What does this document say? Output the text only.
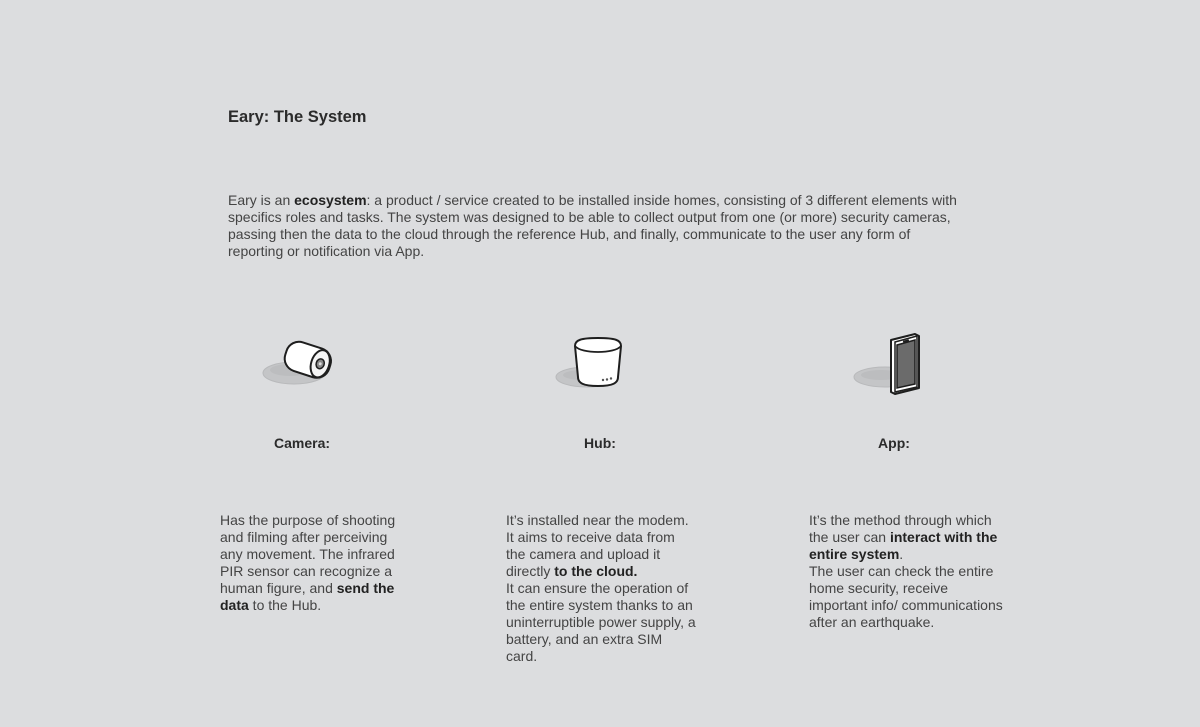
Eary: The System

Eary is an ecosystem: a product / service created to be installed inside homes, consisting of 3 different elements with specifics roles and tasks. The system was designed to be able to collect output from one (or more) security cameras, passing then the data to the cloud through the reference Hub, and finally, communicate to the user any form of reporting or notification via App.

Camera:	Hub:	App:

Has the purpose of shooting and filming after perceiving any movement. The infrared PIR sensor can recognize a human figure, and send the data to the Hub.

It’s installed near the modem. It aims to receive data from the camera and upload it directly to the cloud.
It can ensure the operation of the entire system thanks to an uninterruptible power supply, a battery, and an extra SIM card.

It’s the method through which the user can interact with the entire system.
The user can check the entire home security, receive important info/ communications after an earthquake.
